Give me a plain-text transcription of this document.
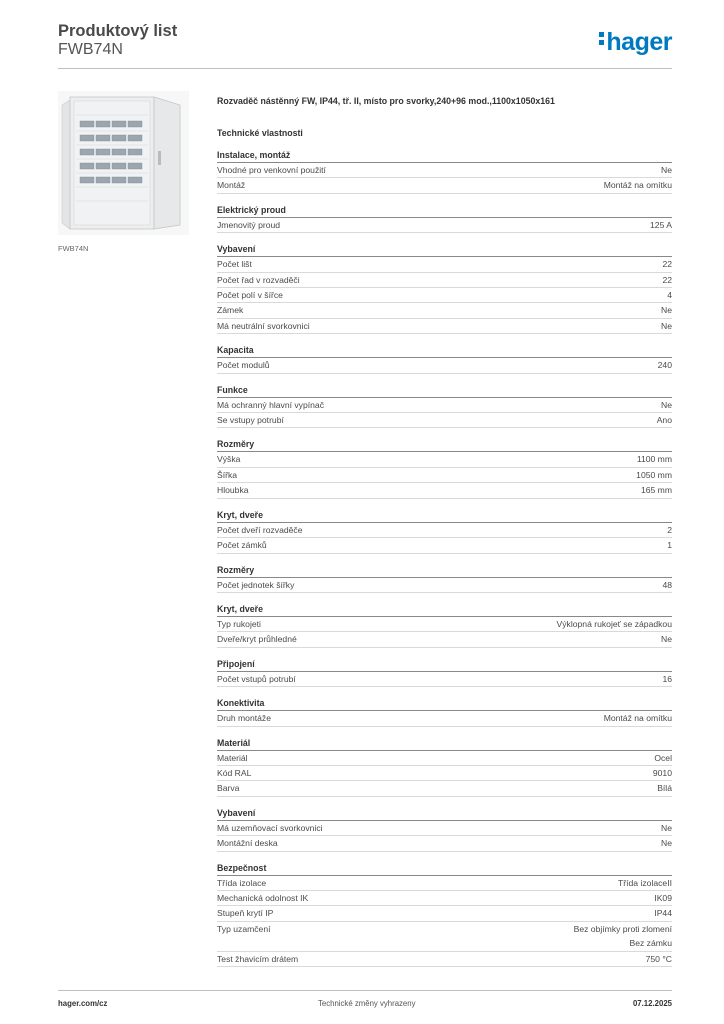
Produktový list
FWB74N	hager
FWB74N
Rozvaděč nástěnný FW, IP44, tř. II, místo pro svorky,240+96 mod.,1100x1050x161
Technické vlastnosti
Instalace, montáž
Vhodné pro venkovní použití	Ne
Montáž	Montáž na omítku
Elektrický proud
Jmenovitý proud	125 A
Vybavení
Počet lišt	22
Počet řad v rozvaděči	22
Počet polí v šířce	4
Zámek	Ne
Má neutrální svorkovnici	Ne
Kapacita
Počet modulů	240
Funkce
Má ochranný hlavní vypínač	Ne
Se vstupy potrubí	Ano
Rozměry
Výška	1100 mm
Šířka	1050 mm
Hloubka	165 mm
Kryt, dveře
Počet dveří rozvaděče	2
Počet zámků	1
Rozměry
Počet jednotek šířky	48
Kryt, dveře
Typ rukojeti	Výklopná rukojeť se západkou
Dveře/kryt průhledné	Ne
Připojení
Počet vstupů potrubí	16
Konektivita
Druh montáže	Montáž na omítku
Materiál
Materiál	Ocel
Kód RAL	9010
Barva	Bílá
Vybavení
Má uzemňovací svorkovnici	Ne
Montážní deska	Ne
Bezpečnost
Třída izolace	Třída izolaceII
Mechanická odolnost IK	IK09
Stupeň krytí IP	IP44
Typ uzamčení	Bez objímky proti zlomení
Bez zámku
Test žhavicím drátem	750 °C
hager.com/cz	Technické změny vyhrazeny	07.12.2025
